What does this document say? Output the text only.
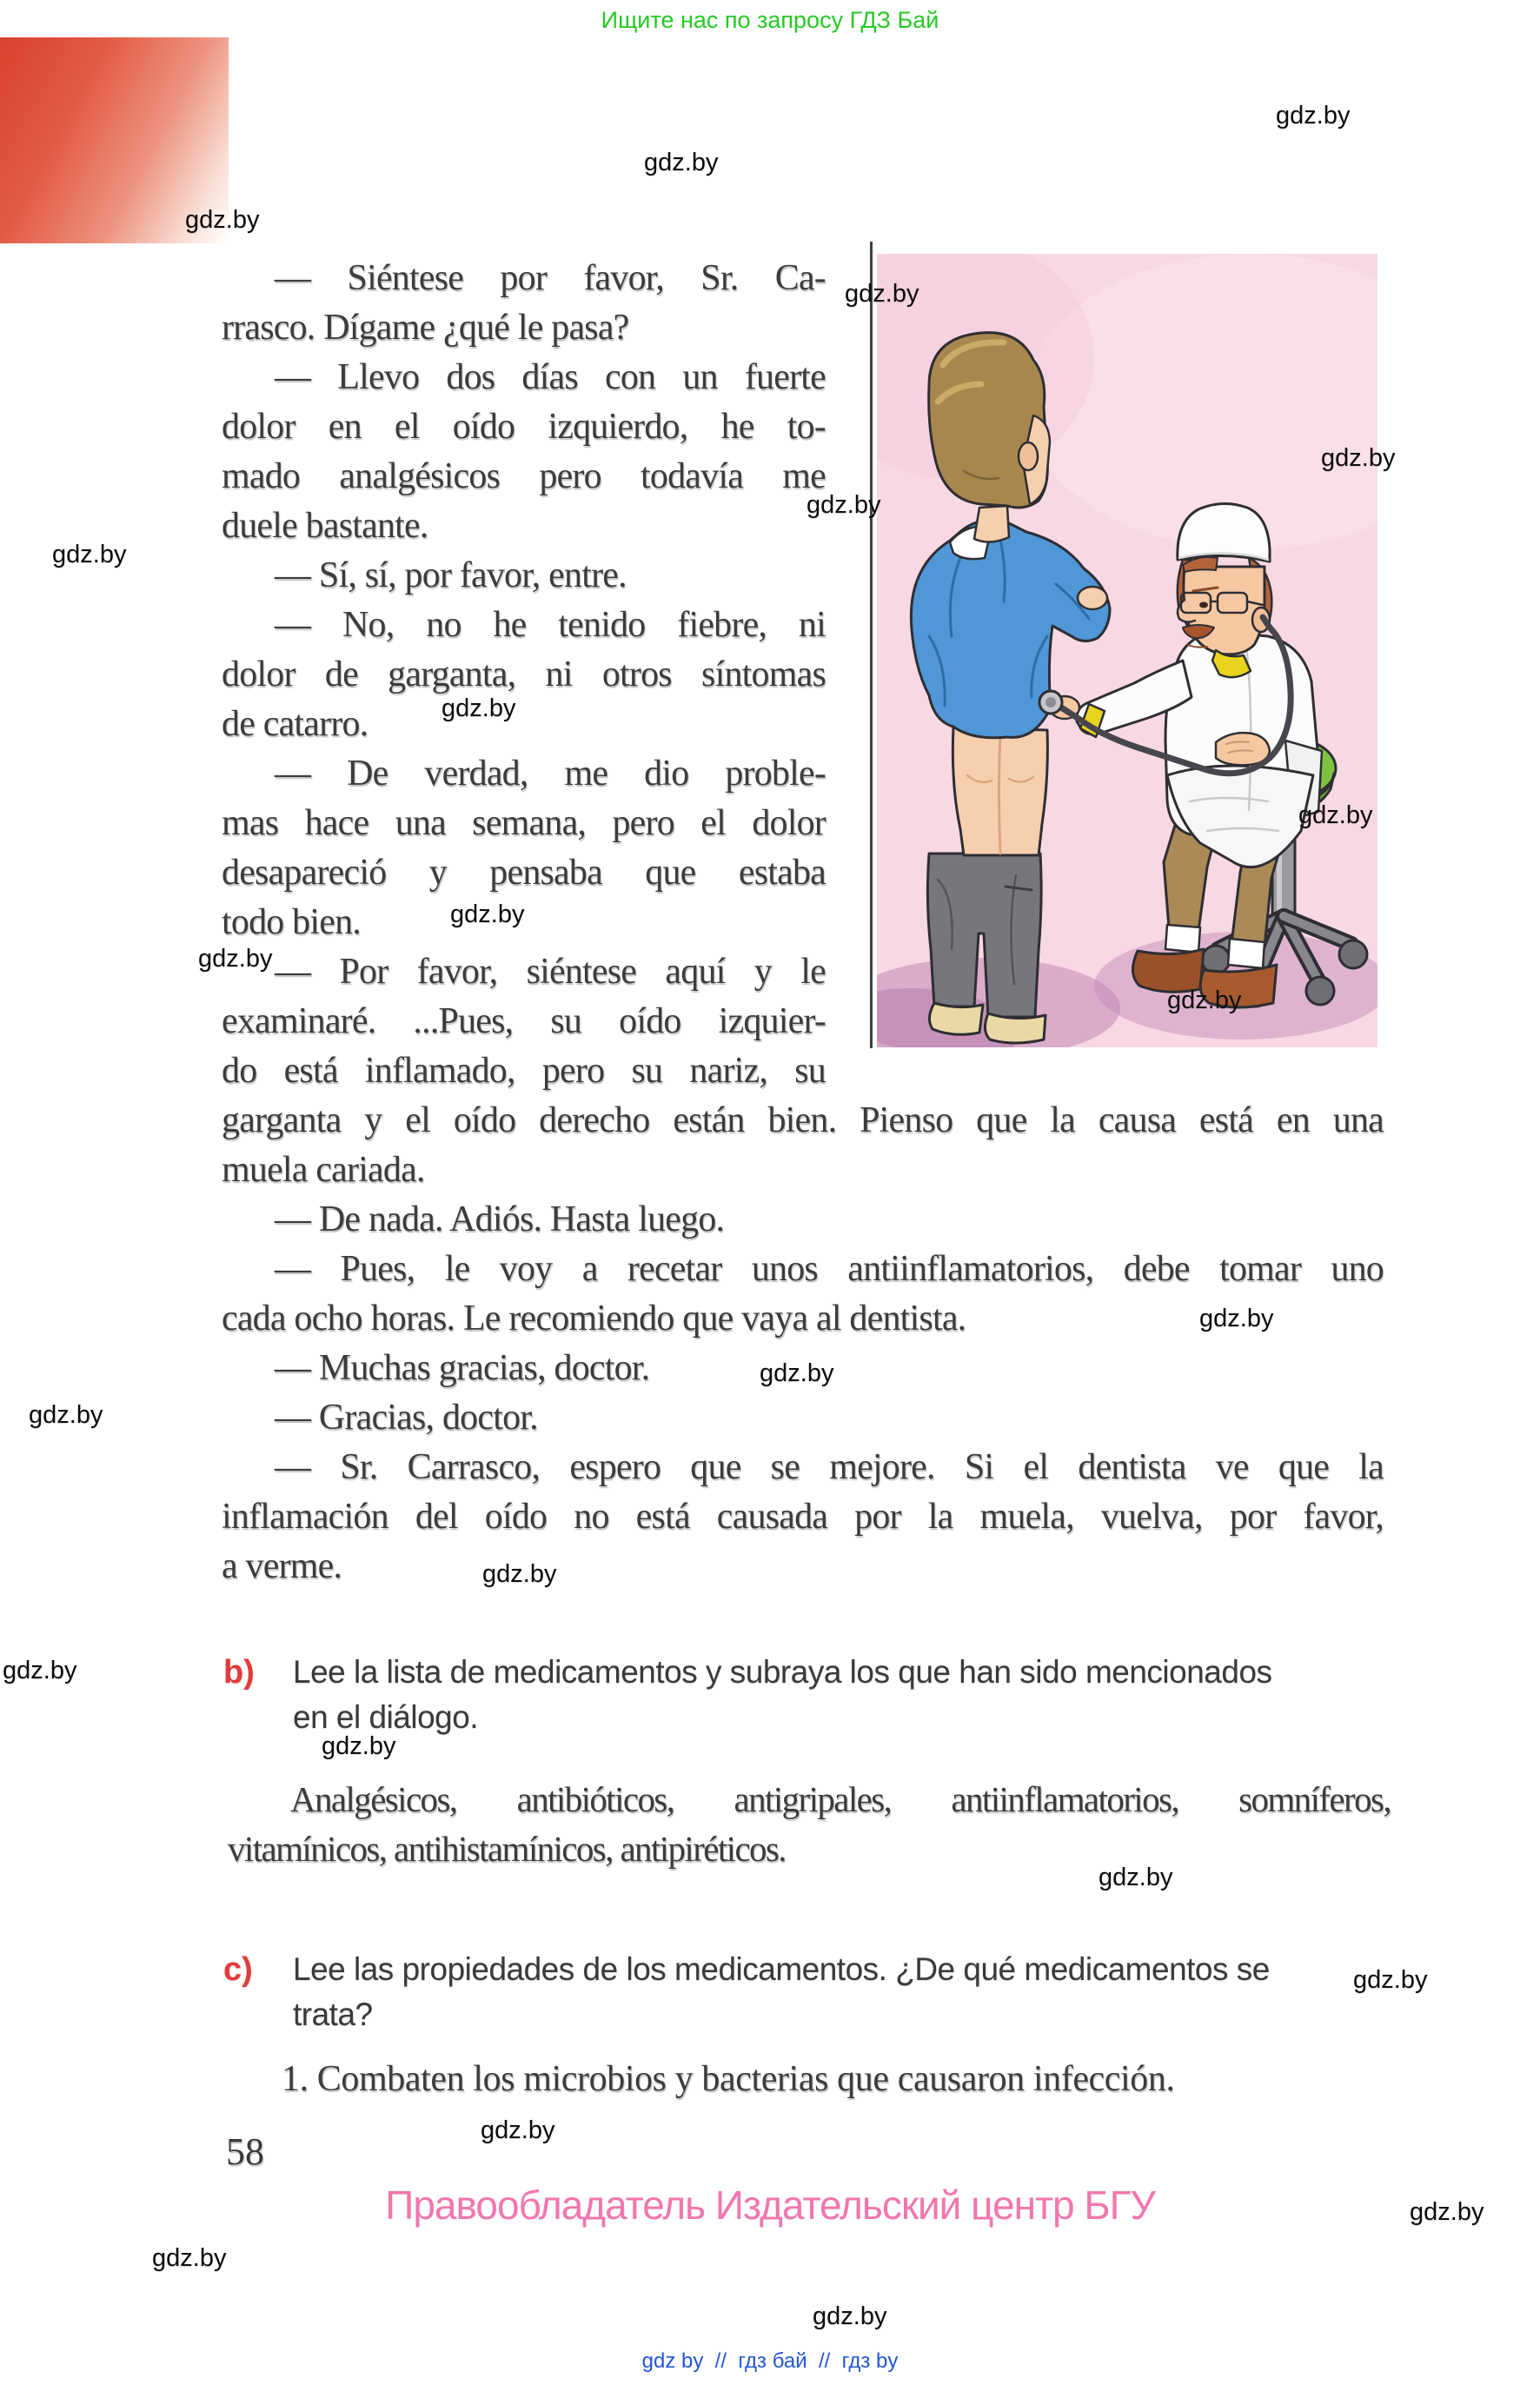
Ищите нас по запросу ГДЗ Бай
— Siéntese por favor, Sr. Ca-
rrasco. Dígame ¿qué le pasa?
— Llevo dos días con un fuerte
dolor en el oído izquierdo, he to-
mado analgésicos pero todavía me
duele bastante.
— Sí, sí, por favor, entre.
— No, no he tenido fiebre, ni
dolor de garganta, ni otros síntomas
de catarro.
— De verdad, me dio proble-
mas hace una semana, pero el dolor
desapareció y pensaba que estaba
todo bien.
— Por favor, siéntese aquí y le
examinaré. ...Pues, su oído izquier-
do está inflamado, pero su nariz, su
garganta y el oído derecho están bien. Pienso que la causa está en una
muela cariada.
— De nada. Adiós. Hasta luego.
— Pues, le voy a recetar unos antiinflamatorios, debe tomar uno
cada ocho horas. Le recomiendo que vaya al dentista.
— Muchas gracias, doctor.
— Gracias, doctor.
— Sr. Carrasco, espero que se mejore. Si el dentista ve que la
inflamación del oído no está causada por la muela, vuelva, por favor,
a verme.
b) Lee la lista de medicamentos y subraya los que han sido mencionados
en el diálogo.
Analgésicos, antibióticos, antigripales, antiinflamatorios, somníferos,
vitamínicos, antihistamínicos, antipiréticos.
c) Lee las propiedades de los medicamentos. ¿De qué medicamentos se
trata?
1. Combaten los microbios y bacterias que causaron infección.
58
Правообладатель Издательский центр БГУ
gdz by  //  гдз бай  //  гдз by
gdz.by
gdz.by
gdz.by
gdz.by
gdz.by
gdz.by
gdz.by
gdz.by
gdz.by
gdz.by
gdz.by
gdz.by
gdz.by
gdz.by
gdz.by
gdz.by
gdz.by
gdz.by
gdz.by
gdz.by
gdz.by
gdz.by
gdz.by
gdz.by
